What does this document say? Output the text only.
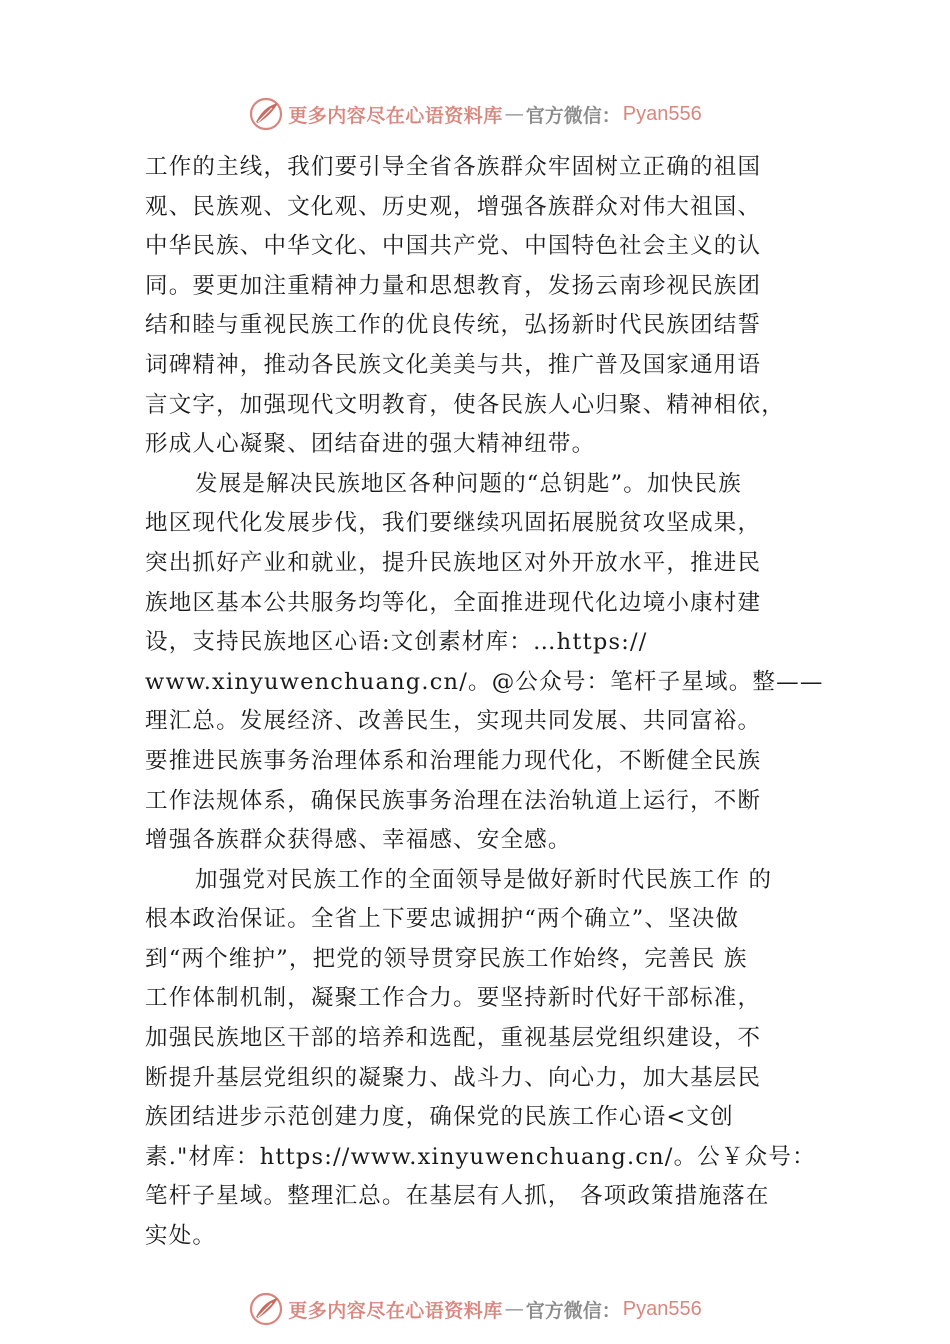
更多内容尽在心语资料库 — 官方微信： Pyan556
工作的主线，我们要引导全省各族群众牢固树立正确的祖国
观、民族观、文化观、历史观，增强各族群众对伟大祖国、
中华民族、中华文化、中国共产党、中国特色社会主义的认
同。要更加注重精神力量和思想教育，发扬云南珍视民族团
结和睦与重视民族工作的优良传统，弘扬新时代民族团结誓
词碑精神，推动各民族文化美美与共，推广普及国家通用语
言文字，加强现代文明教育，使各民族人心归聚、精神相依，
形成人心凝聚、团结奋进的强大精神纽带。
发展是解决民族地区各种问题的“总钥匙”。加快民族
地区现代化发展步伐，我们要继续巩固拓展脱贫攻坚成果，
突出抓好产业和就业，提升民族地区对外开放水平，推进民
族地区基本公共服务均等化，全面推进现代化边境小康村建
设，支持民族地区心语:文创素材库：…https://
www.xinyuwenchuang.cn/。@公众号：笔杆子星域。整——
理汇总。发展经济、改善民生，实现共同发展、共同富裕。
要推进民族事务治理体系和治理能力现代化，不断健全民族
工作法规体系，确保民族事务治理在法治轨道上运行，不断
增强各族群众获得感、幸福感、安全感。
加强党对民族工作的全面领导是做好新时代民族工作 的
根本政治保证。全省上下要忠诚拥护“两个确立”、坚决做
到“两个维护”，把党的领导贯穿民族工作始终，完善民 族
工作体制机制，凝聚工作合力。要坚持新时代好干部标准，
加强民族地区干部的培养和选配，重视基层党组织建设，不
断提升基层党组织的凝聚力、战斗力、向心力，加大基层民
族团结进步示范创建力度，确保党的民族工作心语<文创
素."材库：https://www.xinyuwenchuang.cn/。公￥众号：
笔杆子星域。整理汇总。在基层有人抓， 各项政策措施落在
实处。
更多内容尽在心语资料库 — 官方微信： Pyan556
